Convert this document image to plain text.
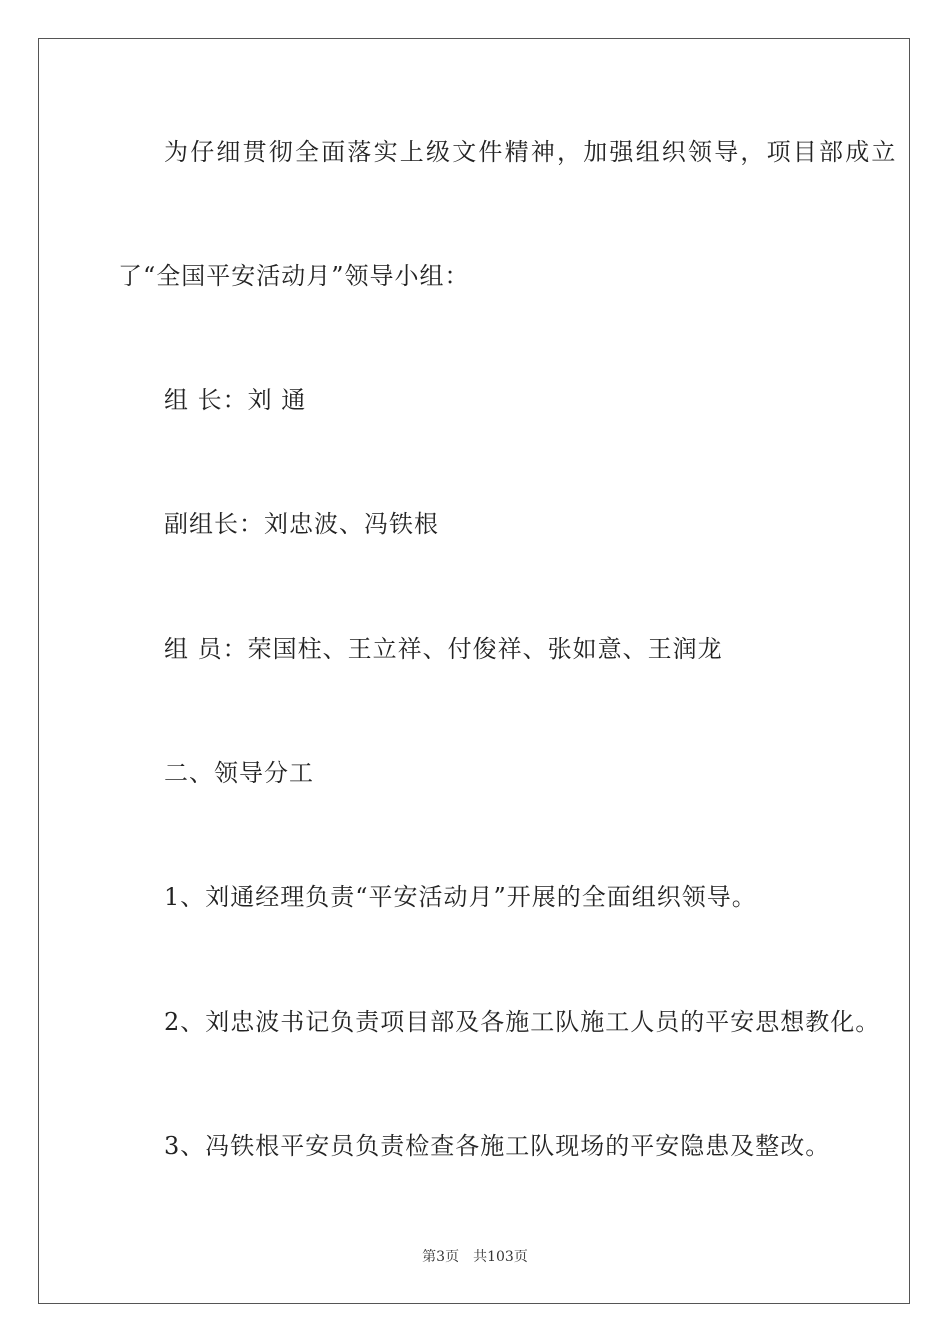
为仔细贯彻全面落实上级文件精神，加强组织领导，项目部成立
了“全国平安活动月”领导小组：
组 长：刘 通
副组长：刘忠波、冯铁根
组 员：荣国柱、王立祥、付俊祥、张如意、王润龙
二、领导分工
1、刘通经理负责“平安活动月”开展的全面组织领导。
2、刘忠波书记负责项目部及各施工队施工人员的平安思想教化。
3、冯铁根平安员负责检查各施工队现场的平安隐患及整改。
第3页 共103页
